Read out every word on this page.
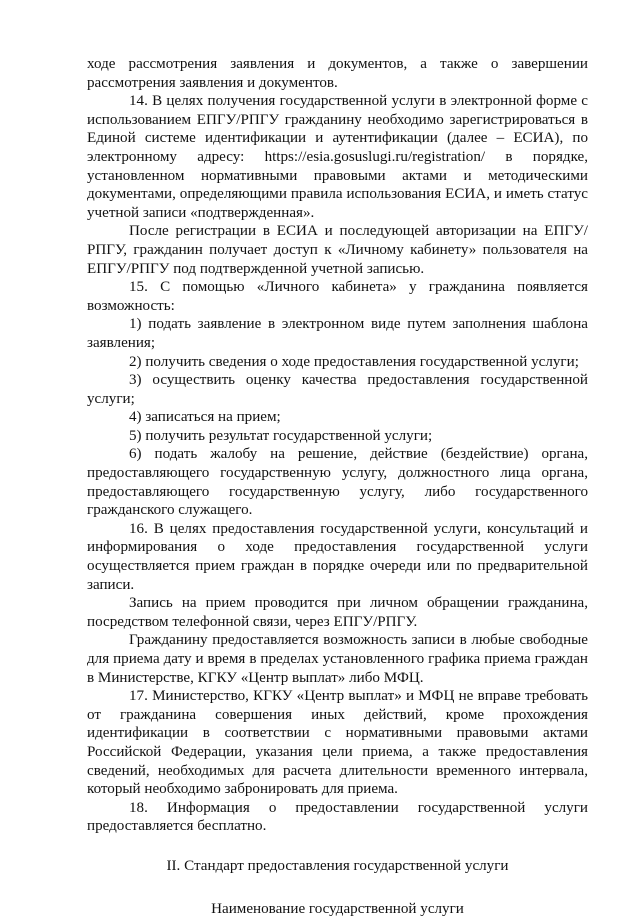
ходе рассмотрения заявления и документов, а также о завершении рассмотрения заявления и документов.

14. В целях получения государственной услуги в электронной форме с использованием ЕПГУ/РПГУ гражданину необходимо зарегистрироваться в Единой системе идентификации и аутентификации (далее – ЕСИА), по электронному адресу: https://esia.gosuslugi.ru/registration/ в порядке, установленном нормативными правовыми актами и методическими документами, определяющими правила использования ЕСИА, и иметь статус учетной записи «подтвержденная».

После регистрации в ЕСИА и последующей авторизации на ЕПГУ/РПГУ, гражданин получает доступ к «Личному кабинету» пользователя на ЕПГУ/РПГУ под подтвержденной учетной записью.

15. С помощью «Личного кабинета» у гражданина появляется возможность:

1) подать заявление в электронном виде путем заполнения шаблона заявления;

2) получить сведения о ходе предоставления государственной услуги;

3) осуществить оценку качества предоставления государственной услуги;

4) записаться на прием;

5) получить результат государственной услуги;

6) подать жалобу на решение, действие (бездействие) органа, предоставляющего государственную услугу, должностного лица органа, предоставляющего государственную услугу, либо государственного гражданского служащего.

16. В целях предоставления государственной услуги, консультаций и информирования о ходе предоставления государственной услуги осуществляется прием граждан в порядке очереди или по предварительной записи.

Запись на прием проводится при личном обращении гражданина, посредством телефонной связи, через ЕПГУ/РПГУ.

Гражданину предоставляется возможность записи в любые свободные для приема дату и время в пределах установленного графика приема граждан в Министерстве, КГКУ «Центр выплат» либо МФЦ.

17. Министерство, КГКУ «Центр выплат» и МФЦ не вправе требовать от гражданина совершения иных действий, кроме прохождения идентификации в соответствии с нормативными правовыми актами Российской Федерации, указания цели приема, а также предоставления сведений, необходимых для расчета длительности временного интервала, который необходимо забронировать для приема.

18. Информация о предоставлении государственной услуги предоставляется бесплатно.

II. Стандарт предоставления государственной услуги

Наименование государственной услуги
